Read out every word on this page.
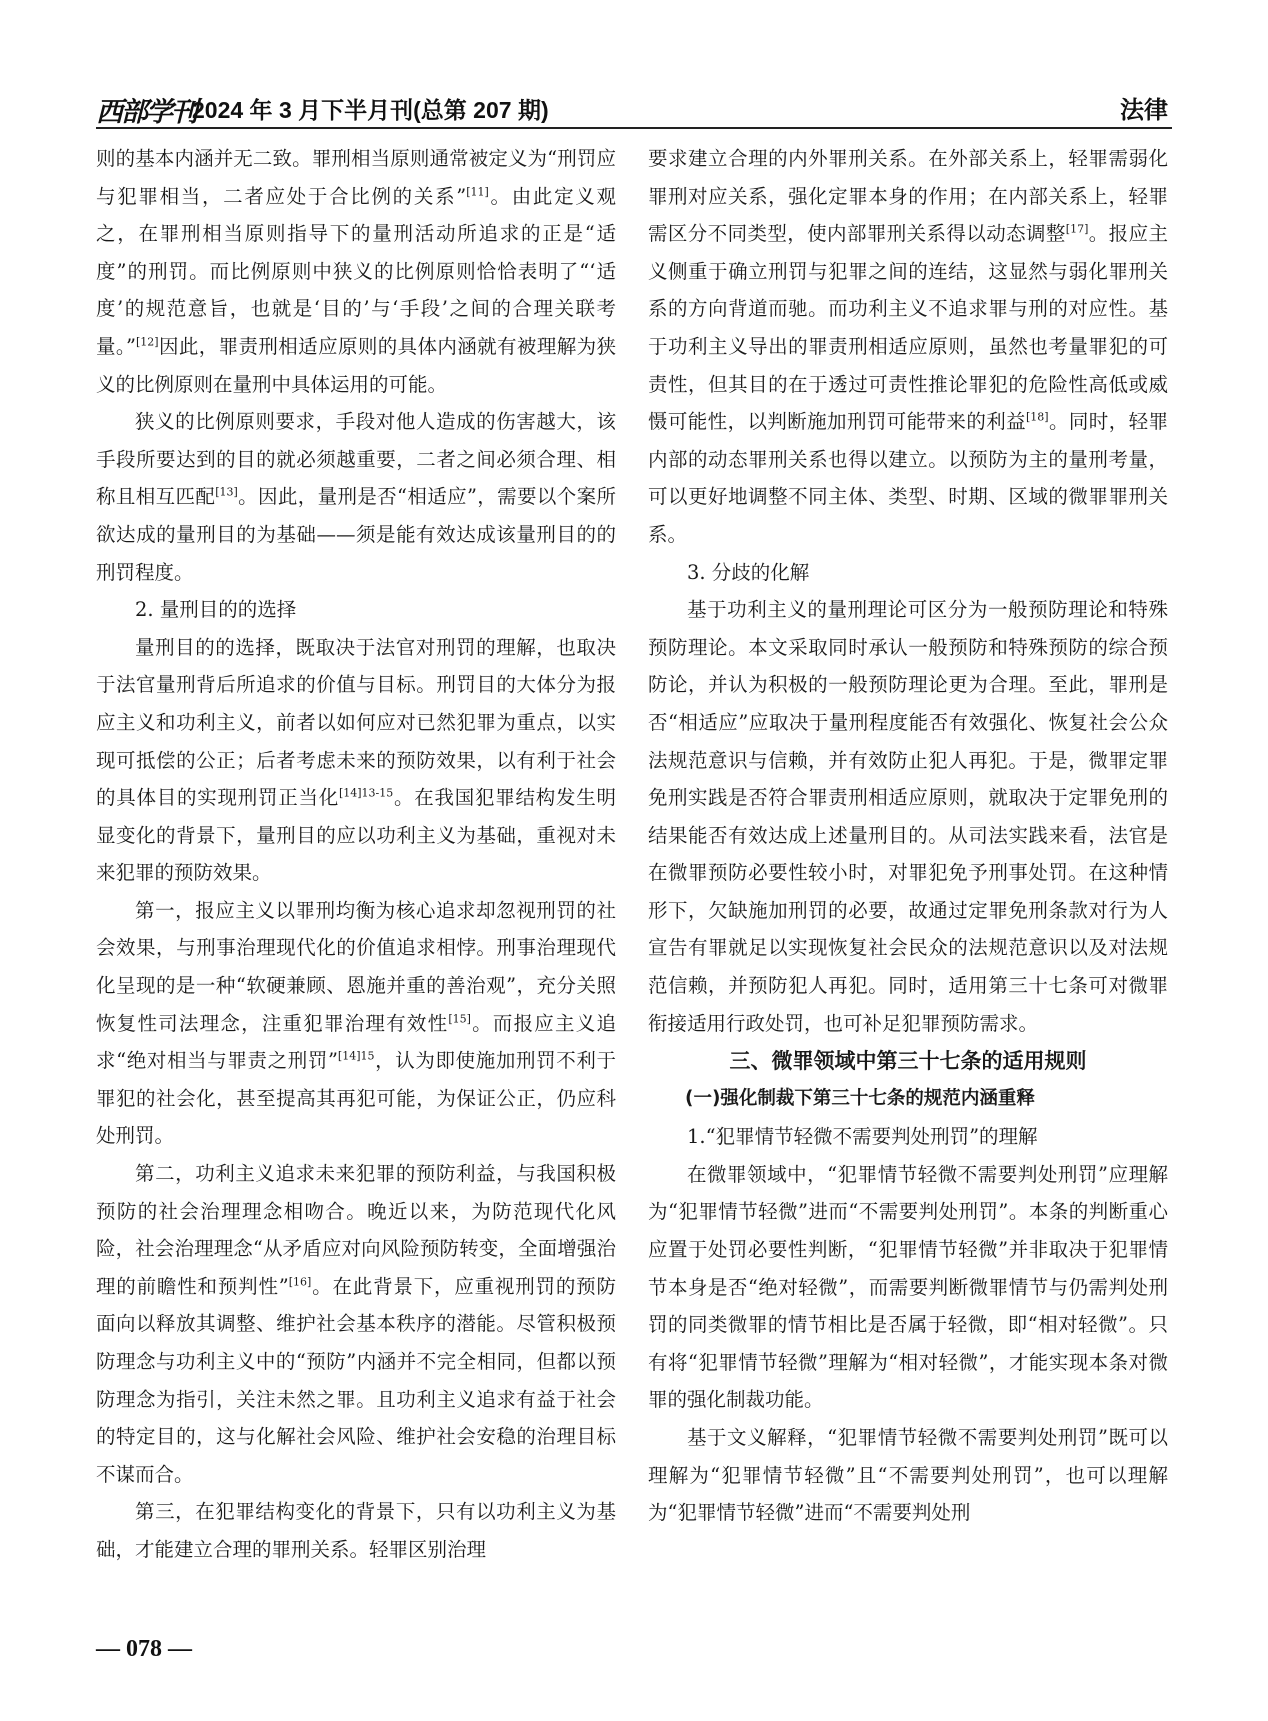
西部学刊
2024 年 3 月下半月刊(总第 207 期)	法律

则的基本内涵并无二致。罪刑相当原则通常被定义为“刑罚应与犯罪相当，二者应处于合比例的关系”[11]。由此定义观之，在罪刑相当原则指导下的量刑活动所追求的正是“适度”的刑罚。而比例原则中狭义的比例原则恰恰表明了“‘适度’的规范意旨，也就是‘目的’与‘手段’之间的合理关联考量。”[12]因此，罪责刑相适应原则的具体内涵就有被理解为狭义的比例原则在量刑中具体运用的可能。

狭义的比例原则要求，手段对他人造成的伤害越大，该手段所要达到的目的就必须越重要，二者之间必须合理、相称且相互匹配[13]。因此，量刑是否“相适应”，需要以个案所欲达成的量刑目的为基础——须是能有效达成该量刑目的的刑罚程度。

2. 量刑目的的选择

量刑目的的选择，既取决于法官对刑罚的理解，也取决于法官量刑背后所追求的价值与目标。刑罚目的大体分为报应主义和功利主义，前者以如何应对已然犯罪为重点，以实现可抵偿的公正；后者考虑未来的预防效果，以有利于社会的具体目的实现刑罚正当化$^{[14]13-15}$。在我国犯罪结构发生明显变化的背景下，量刑目的应以功利主义为基础，重视对未来犯罪的预防效果。

第一，报应主义以罪刑均衡为核心追求却忽视刑罚的社会效果，与刑事治理现代化的价值追求相悖。刑事治理现代化呈现的是一种“软硬兼顾、恩施并重的善治观”，充分关照恢复性司法理念，注重犯罪治理有效性[15]。而报应主义追求“绝对相当与罪责之刑罚”$^{[14]15}$，认为即使施加刑罚不利于罪犯的社会化，甚至提高其再犯可能，为保证公正，仍应科处刑罚。

第二，功利主义追求未来犯罪的预防利益，与我国积极预防的社会治理理念相吻合。晚近以来，为防范现代化风险，社会治理理念“从矛盾应对向风险预防转变，全面增强治理的前瞻性和预判性”[16]。在此背景下，应重视刑罚的预防面向以释放其调整、维护社会基本秩序的潜能。尽管积极预防理念与功利主义中的“预防”内涵并不完全相同，但都以预防理念为指引，关注未然之罪。且功利主义追求有益于社会的特定目的，这与化解社会风险、维护社会安稳的治理目标不谋而合。

第三，在犯罪结构变化的背景下，只有以功利主义为基础，才能建立合理的罪刑关系。轻罪区别治理

要求建立合理的内外罪刑关系。在外部关系上，轻罪需弱化罪刑对应关系，强化定罪本身的作用；在内部关系上，轻罪需区分不同类型，使内部罪刑关系得以动态调整[17]。报应主义侧重于确立刑罚与犯罪之间的连结，这显然与弱化罪刑关系的方向背道而驰。而功利主义不追求罪与刑的对应性。基于功利主义导出的罪责刑相适应原则，虽然也考量罪犯的可责性，但其目的在于透过可责性推论罪犯的危险性高低或威慑可能性，以判断施加刑罚可能带来的利益[18]。同时，轻罪内部的动态罪刑关系也得以建立。以预防为主的量刑考量，可以更好地调整不同主体、类型、时期、区域的微罪罪刑关系。

3. 分歧的化解

基于功利主义的量刑理论可区分为一般预防理论和特殊预防理论。本文采取同时承认一般预防和特殊预防的综合预防论，并认为积极的一般预防理论更为合理。至此，罪刑是否“相适应”应取决于量刑程度能否有效强化、恢复社会公众法规范意识与信赖，并有效防止犯人再犯。于是，微罪定罪免刑实践是否符合罪责刑相适应原则，就取决于定罪免刑的结果能否有效达成上述量刑目的。从司法实践来看，法官是在微罪预防必要性较小时，对罪犯免予刑事处罚。在这种情形下，欠缺施加刑罚的必要，故通过定罪免刑条款对行为人宣告有罪就足以实现恢复社会民众的法规范意识以及对法规范信赖，并预防犯人再犯。同时，适用第三十七条可对微罪衔接适用行政处罚，也可补足犯罪预防需求。

三、微罪领域中第三十七条的适用规则
(一)强化制裁下第三十七条的规范内涵重释

1.“犯罪情节轻微不需要判处刑罚”的理解

在微罪领域中，“犯罪情节轻微不需要判处刑罚”应理解为“犯罪情节轻微”进而“不需要判处刑罚”。本条的判断重心应置于处罚必要性判断，“犯罪情节轻微”并非取决于犯罪情节本身是否“绝对轻微”，而需要判断微罪情节与仍需判处刑罚的同类微罪的情节相比是否属于轻微，即“相对轻微”。只有将“犯罪情节轻微”理解为“相对轻微”，才能实现本条对微罪的强化制裁功能。

基于文义解释，“犯罪情节轻微不需要判处刑罚”既可以理解为“犯罪情节轻微”且“不需要判处刑罚”，也可以理解为“犯罪情节轻微”进而“不需要判处刑

— 078 —
